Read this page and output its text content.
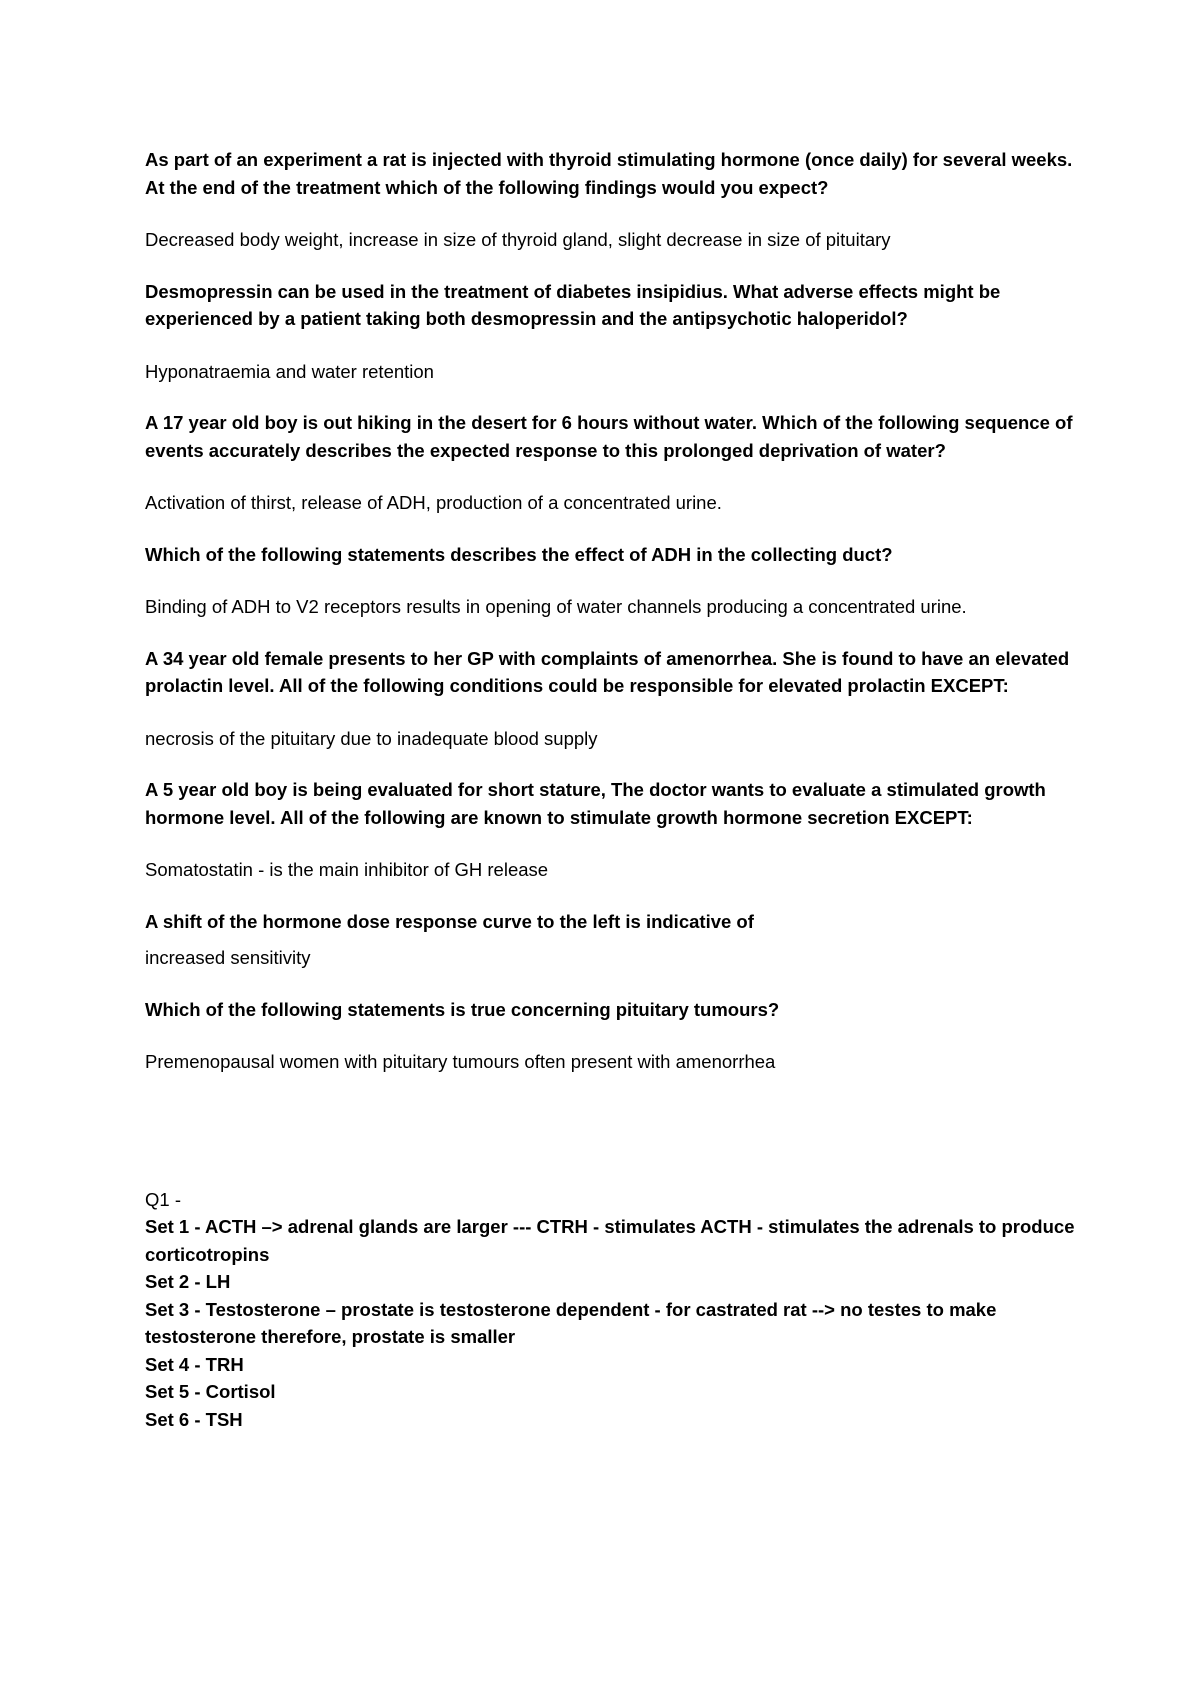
As part of an experiment a rat is injected with thyroid stimulating hormone (once daily) for several weeks. At the end of the treatment which of the following findings would you expect?

Decreased body weight, increase in size of thyroid gland, slight decrease in size of pituitary

Desmopressin can be used in the treatment of diabetes insipidius. What adverse effects might be experienced by a patient taking both desmopressin and the antipsychotic haloperidol?

Hyponatraemia and water retention

A 17 year old boy is out hiking in the desert for 6 hours without water. Which of the following sequence of events accurately describes the expected response to this prolonged deprivation of water?

Activation of thirst, release of ADH, production of a concentrated urine.

Which of the following statements describes the effect of ADH in the collecting duct?

Binding of ADH to V2 receptors results in opening of water channels producing a concentrated urine.

A 34 year old female presents to her GP with complaints of amenorrhea. She is found to have an elevated prolactin level. All of the following conditions could be responsible for elevated prolactin EXCEPT:

necrosis of the pituitary due to inadequate blood supply

A 5 year old boy is being evaluated for short stature, The doctor wants to evaluate a stimulated growth hormone level. All of the following are known to stimulate growth hormone secretion EXCEPT:

Somatostatin - is the main inhibitor of GH release

A shift of the hormone dose response curve to the left is indicative of

increased sensitivity

Which of the following statements is true concerning pituitary tumours?

Premenopausal women with pituitary tumours often present with amenorrhea

Q1 -

Set 1 - ACTH –> adrenal glands are larger --- CTRH - stimulates ACTH - stimulates the adrenals to produce corticotropins

Set 2 - LH

Set 3 - Testosterone – prostate is testosterone dependent - for castrated rat --> no testes to make testosterone therefore, prostate is smaller

Set 4 - TRH

Set 5 - Cortisol

Set 6 - TSH
